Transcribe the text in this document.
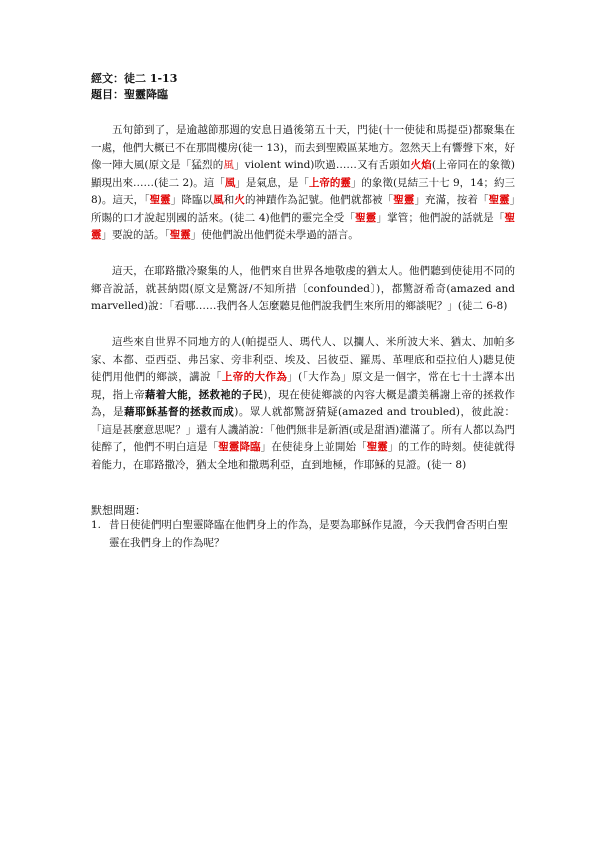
經文：徒二 1-13
題目：聖靈降臨

五旬節到了，是逾越節那週的安息日過後第五十天，門徒(十一使徒和馬提亞)都聚集在一處，他們大概已不在那間樓房(徒一 13)，而去到聖殿區某地方。忽然天上有響聲下來，好像一陣大風(原文是「猛烈的風」violent wind)吹過……又有舌頭如火焰(上帝同在的象徵)顯現出來……(徒二 2)。這「風」是氣息，是「上帝的靈」的象徵(見結三十七 9，14；約三 8)。這天，「聖靈」降臨以風和火的神蹟作為記號。他們就都被「聖靈」充滿，按着「聖靈」所賜的口才說起別國的話來。(徒二 4)他們的靈完全受「聖靈」掌管；他們說的話就是「聖靈」要說的話。「聖靈」使他們說出他們從未學過的語言。

這天，在耶路撒冷聚集的人，他們來自世界各地敬虔的猶太人。他們聽到使徒用不同的鄉音說話，就甚納悶(原文是驚訝/不知所措〔confounded〕)，都驚訝希奇(amazed and marvelled)說：「看哪……我們各人怎麼聽見他們說我們生來所用的鄉談呢？」(徒二 6-8)

這些來自世界不同地方的人(帕提亞人、瑪代人、以攔人、米所波大米、猶太、加帕多家、本都、亞西亞、弗呂家、旁非利亞、埃及、呂彼亞、羅馬、革哩底和亞拉伯人)聽見使徒們用他們的鄉談，講說「上帝的大作為」(「大作為」原文是一個字，常在七十士譯本出現，指上帝藉着大能，拯救祂的子民)，現在使徒鄉談的內容大概是讚美稱謝上帝的拯救作為，是藉耶穌基督的拯救而成)。眾人就都驚訝猜疑(amazed and troubled)，彼此說：「這是甚麼意思呢？」還有人譏誚說：「他們無非是新酒(或是甜酒)灌滿了。所有人都以為門徒醉了，他們不明白這是「聖靈降臨」在使徒身上並開始「聖靈」的工作的時刻。使徒就得着能力，在耶路撒冷，猶太全地和撒瑪利亞，直到地極，作耶穌的見證。(徒一 8)

默想問題：
1. 昔日使徒們明白聖靈降臨在他們身上的作為，是要為耶穌作見證，今天我們會否明白聖靈在我們身上的作為呢？
